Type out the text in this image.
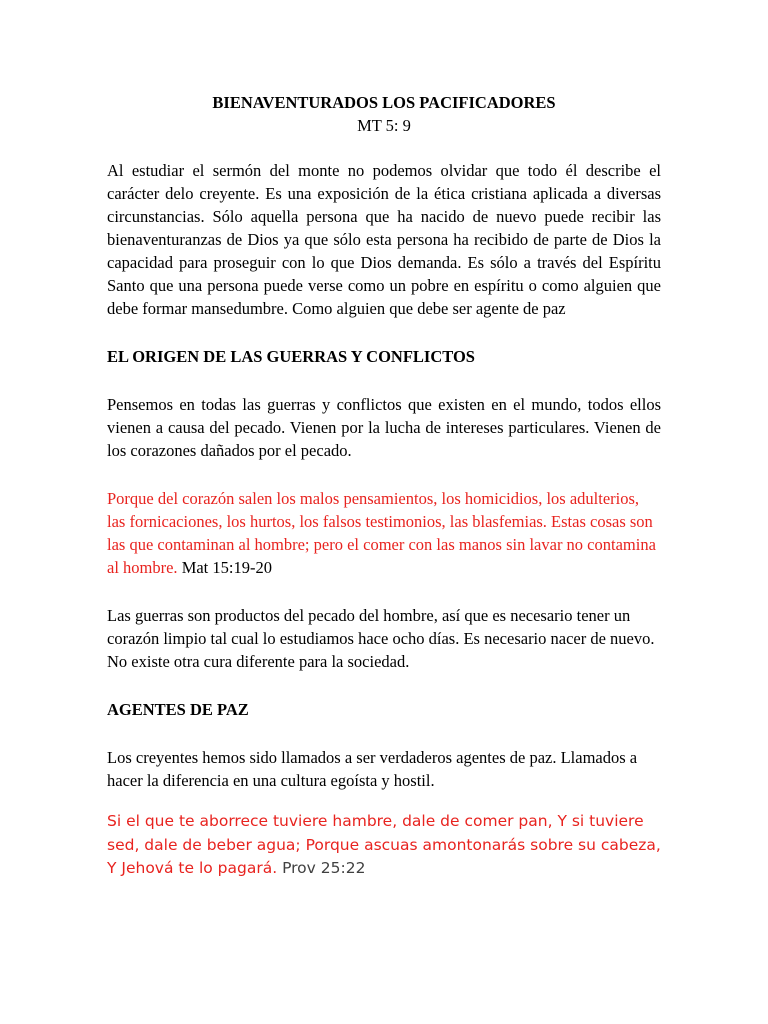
BIENAVENTURADOS LOS PACIFICADORES
MT 5: 9

Al estudiar el sermón del monte no podemos olvidar que todo él describe el carácter delo creyente. Es una exposición de la ética cristiana aplicada a diversas circunstancias. Sólo aquella persona que ha nacido de nuevo puede recibir las bienaventuranzas de Dios ya que sólo esta persona ha recibido de parte de Dios la capacidad para proseguir con lo que Dios demanda. Es sólo a través del Espíritu Santo que una persona puede verse como un pobre en espíritu o como alguien que debe formar mansedumbre. Como alguien que debe ser agente de paz

EL ORIGEN DE LAS GUERRAS Y CONFLICTOS

Pensemos en todas las guerras y conflictos que existen en el mundo, todos ellos vienen a causa del pecado. Vienen por la lucha de intereses particulares. Vienen de los corazones dañados por el pecado.

Porque del corazón salen los malos pensamientos, los homicidios, los adulterios, las fornicaciones, los hurtos, los falsos testimonios, las blasfemias. Estas cosas son las que contaminan al hombre; pero el comer con las manos sin lavar no contamina al hombre. Mat 15:19-20

Las guerras son productos del pecado del hombre, así que es necesario tener un corazón limpio tal cual lo estudiamos hace ocho días. Es necesario nacer de nuevo. No existe otra cura diferente para la sociedad.

AGENTES DE PAZ

Los creyentes hemos sido llamados a ser verdaderos agentes de paz. Llamados a hacer la diferencia en una cultura egoísta y hostil.

Si el que te aborrece tuviere hambre, dale de comer pan, Y si tuviere sed, dale de beber agua; Porque ascuas amontonarás sobre su cabeza, Y Jehová te lo pagará. Prov 25:22
